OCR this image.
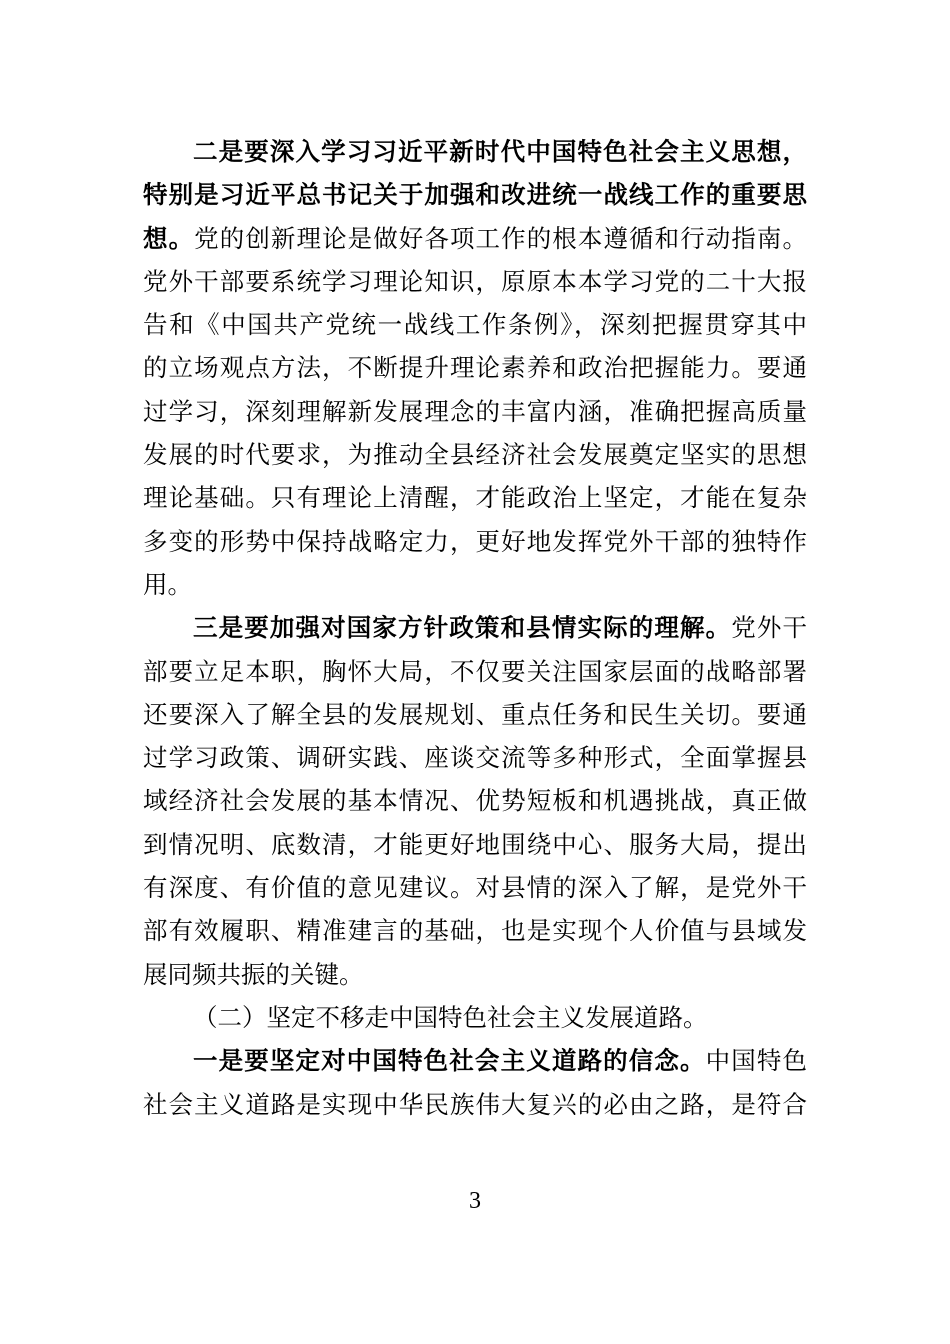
二是要深入学习习近平新时代中国特色社会主义思想，
特别是习近平总书记关于加强和改进统一战线工作的重要思
想。党的创新理论是做好各项工作的根本遵循和行动指南。
党外干部要系统学习理论知识，原原本本学习党的二十大报
告和《中国共产党统一战线工作条例》，深刻把握贯穿其中
的立场观点方法，不断提升理论素养和政治把握能力。要通
过学习，深刻理解新发展理念的丰富内涵，准确把握高质量
发展的时代要求，为推动全县经济社会发展奠定坚实的思想
理论基础。只有理论上清醒，才能政治上坚定，才能在复杂
多变的形势中保持战略定力，更好地发挥党外干部的独特作
用。
三是要加强对国家方针政策和县情实际的理解。党外干
部要立足本职，胸怀大局，不仅要关注国家层面的战略部署
还要深入了解全县的发展规划、重点任务和民生关切。要通
过学习政策、调研实践、座谈交流等多种形式，全面掌握县
域经济社会发展的基本情况、优势短板和机遇挑战，真正做
到情况明、底数清，才能更好地围绕中心、服务大局，提出
有深度、有价值的意见建议。对县情的深入了解，是党外干
部有效履职、精准建言的基础，也是实现个人价值与县域发
展同频共振的关键。
（二）坚定不移走中国特色社会主义发展道路。
一是要坚定对中国特色社会主义道路的信念。中国特色
社会主义道路是实现中华民族伟大复兴的必由之路，是符合
3
